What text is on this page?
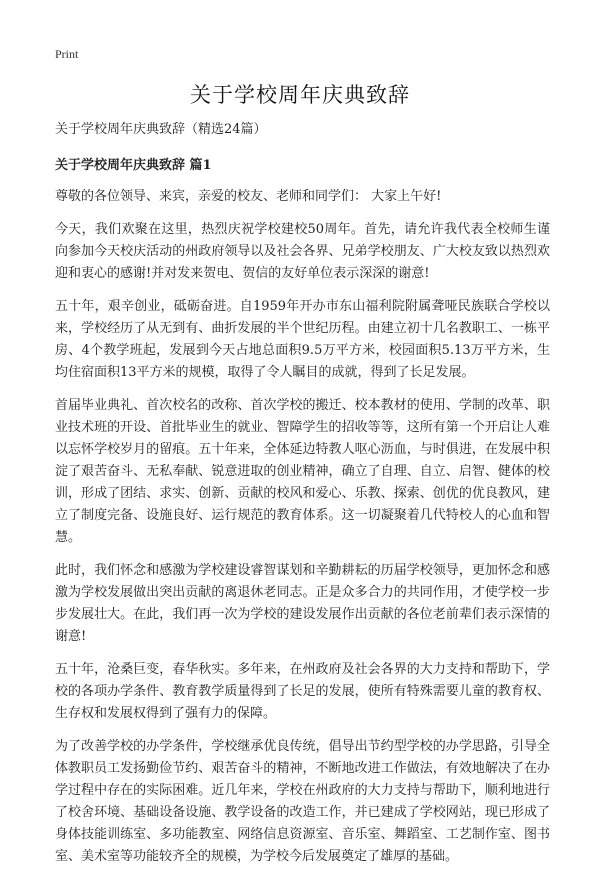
Print
关于学校周年庆典致辞

关于学校周年庆典致辞（精选24篇）

关于学校周年庆典致辞 篇1

尊敬的各位领导、来宾，亲爱的校友、老师和同学们： 大家上午好!

今天，我们欢聚在这里，热烈庆祝学校建校50周年。首先，请允许我代表全校师生谨向参加今天校庆活动的州政府领导以及社会各界、兄弟学校朋友、广大校友致以热烈欢迎和衷心的感谢!并对发来贺电、贺信的友好单位表示深深的谢意!

五十年，艰辛创业，砥砺奋进。自1959年开办市东山福利院附属聋哑民族联合学校以来，学校经历了从无到有、曲折发展的半个世纪历程。由建立初十几名教职工、一栋平房、4个教学班起，发展到今天占地总面积9.5万平方米，校园面积5.13万平方米，生均住宿面积13平方米的规模，取得了令人瞩目的成就，得到了长足发展。

首届毕业典礼、首次校名的改称、首次学校的搬迁、校本教材的使用、学制的改革、职业技术班的开设、首批毕业生的就业、智障学生的招收等等，这所有第一个开启让人难以忘怀学校岁月的留痕。五十年来，全体延边特教人呕心沥血，与时俱进，在发展中积淀了艰苦奋斗、无私奉献、锐意进取的创业精神，确立了自理、自立、启智、健体的校训，形成了团结、求实、创新、贡献的校风和爱心、乐教、探索、创优的优良教风，建立了制度完备、设施良好、运行规范的教育体系。这一切凝聚着几代特校人的心血和智慧。

此时，我们怀念和感激为学校建设睿智谋划和辛勤耕耘的历届学校领导，更加怀念和感激为学校发展做出突出贡献的离退休老同志。正是众多合力的共同作用，才使学校一步步发展壮大。在此，我们再一次为学校的建设发展作出贡献的各位老前辈们表示深情的谢意!

五十年，沧桑巨变，春华秋实。多年来，在州政府及社会各界的大力支持和帮助下，学校的各项办学条件、教育教学质量得到了长足的发展，使所有特殊需要儿童的教育权、生存权和发展权得到了强有力的保障。

为了改善学校的办学条件，学校继承优良传统，倡导出节约型学校的办学思路，引导全体教职员工发扬勤俭节约、艰苦奋斗的精神，不断地改进工作做法，有效地解决了在办学过程中存在的实际困难。近几年来，学校在州政府的大力支持与帮助下，顺利地进行了校舍环境、基础设备设施、教学设备的改造工作，并已建成了学校网站，现已形成了身体技能训练室、多功能教室、网络信息资源室、音乐室、舞蹈室、工艺制作室、图书室、美术室等功能较齐全的规模，为学校今后发展奠定了雄厚的基础。
